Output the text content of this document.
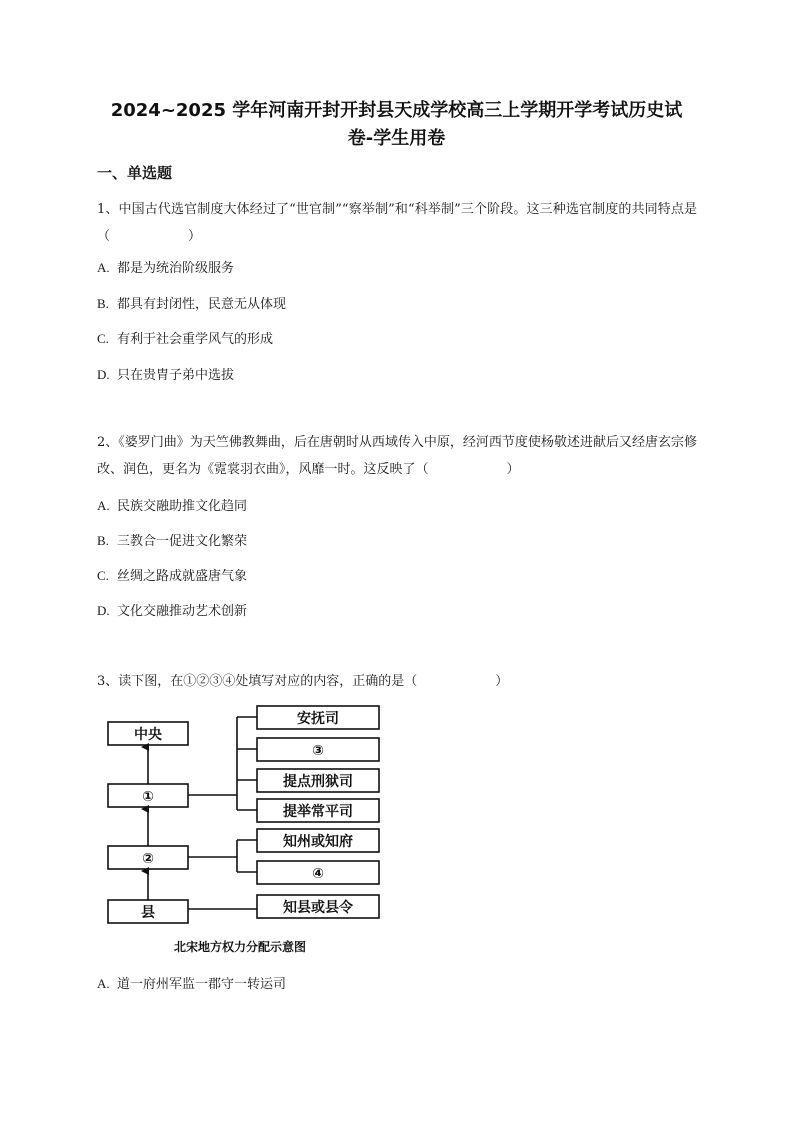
2024~2025 学年河南开封开封县天成学校高三上学期开学考试历史试
卷-学生用卷
一、单选题
1、中国古代选官制度大体经过了“世官制”“察举制”和“科举制”三个阶段。这三种选官制度的共同特点是（　　　　　　）
A. 都是为统治阶级服务
B. 都具有封闭性，民意无从体现
C. 有利于社会重学风气的形成
D. 只在贵胄子弟中选拔
2、《婆罗门曲》为天竺佛教舞曲，后在唐朝时从西域传入中原，经河西节度使杨敬述进献后又经唐玄宗修改、润色，更名为《霓裳羽衣曲》，风靡一时。这反映了（　　　　　　）
A. 民族交融助推文化趋同
B. 三教合一促进文化繁荣
C. 丝绸之路成就盛唐气象
D. 文化交融推动艺术创新
3、读下图，在①②③④处填写对应的内容，正确的是（　　　　　　）
中央
①
②
县
安抚司
③
提点刑狱司
提举常平司
知州或知府
④
知县或县令
北宋地方权力分配示意图
A. 道一府州军监一郡守一转运司
